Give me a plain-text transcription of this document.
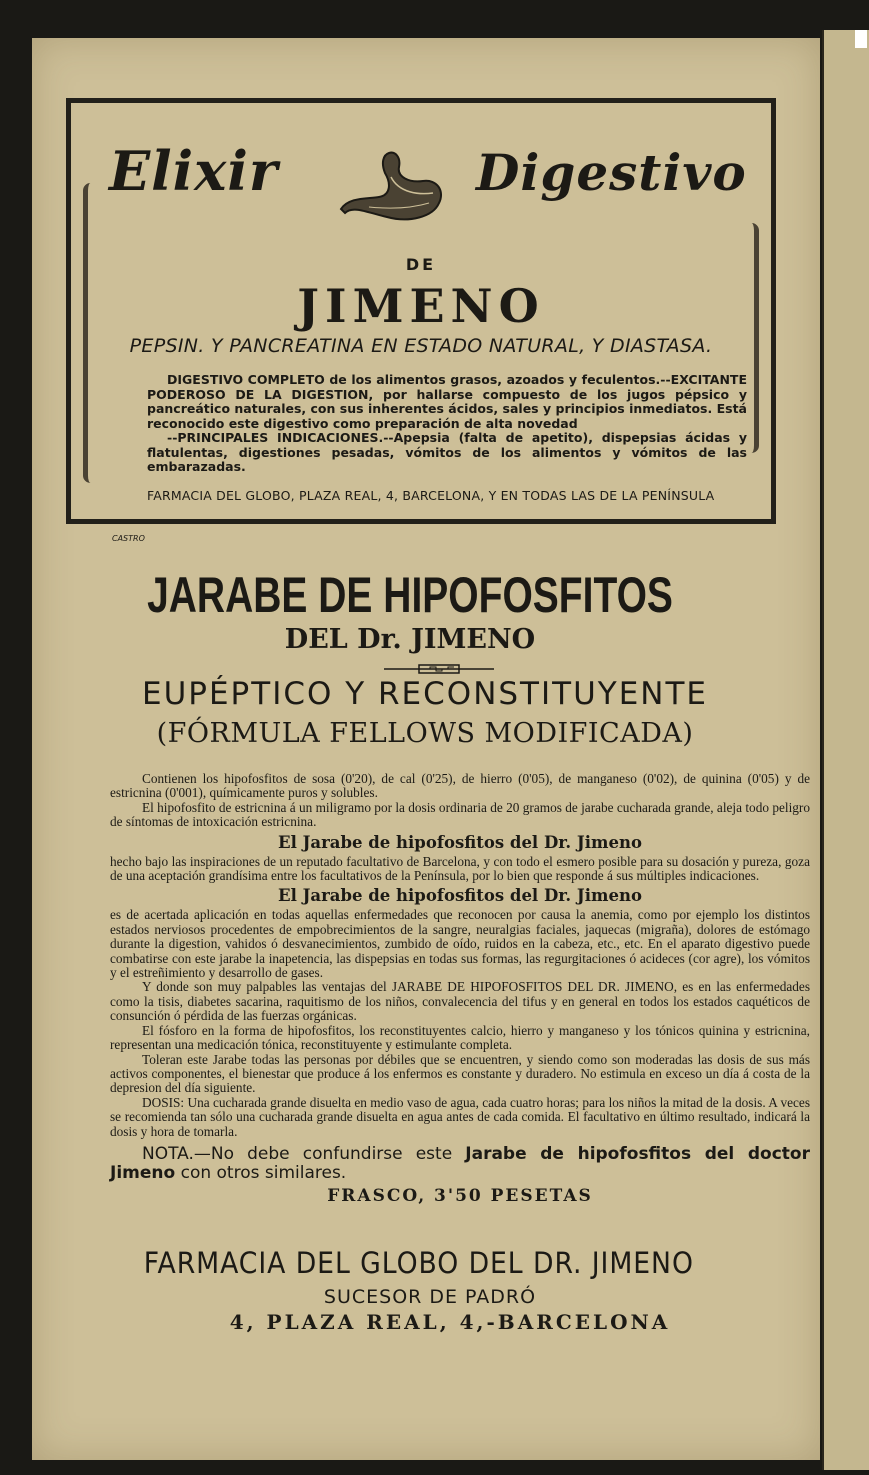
Elixir	Digestivo
DE
JIMENO
PEPSIN. Y PANCREATINA EN ESTADO NATURAL, Y DIASTASA.

DIGESTIVO COMPLETO de los alimentos grasos, azoados y feculentos.--EXCITANTE PODEROSO DE LA DIGESTION, por hallarse compuesto de los jugos pépsico y pancreático naturales, con sus inherentes ácidos, sales y principios inmediatos. Está reconocido este digestivo como preparación de alta novedad

--PRINCIPALES INDICACIONES.--Apepsia (falta de apetito), dispepsias ácidas y flatulentas, digestiones pesadas, vómitos de los alimentos y vómitos de las embarazadas.

FARMACIA DEL GLOBO, PLAZA REAL, 4, BARCELONA, Y EN TODAS LAS DE LA PENÍNSULA
CASTRO
JARABE DE HIPOFOSFITOS
DEL Dr. JIMENO
EUPÉPTICO Y RECONSTITUYENTE
(FÓRMULA FELLOWS MODIFICADA)

Contienen los hipofosfitos de sosa (0'20), de cal (0'25), de hierro (0'05), de manganeso (0'02), de quinina (0'05) y de estricnina (0'001), químicamente puros y solubles.

El hipofosfito de estricnina á un miligramo por la dosis ordinaria de 20 gramos de jarabe cucharada grande, aleja todo peligro de síntomas de intoxicación estricnina.

El Jarabe de hipofosfitos del Dr. Jimeno

hecho bajo las inspiraciones de un reputado facultativo de Barcelona, y con todo el esmero posible para su dosación y pureza, goza de una aceptación grandísima entre los facultativos de la Península, por lo bien que responde á sus múltiples indicaciones.

El Jarabe de hipofosfitos del Dr. Jimeno

es de acertada aplicación en todas aquellas enfermedades que reconocen por causa la anemia, como por ejemplo los distintos estados nerviosos procedentes de empobrecimientos de la sangre, neuralgias faciales, jaquecas (migraña), dolores de estómago durante la digestion, vahidos ó desvanecimientos, zumbido de oído, ruidos en la cabeza, etc., etc. En el aparato digestivo puede combatirse con este jarabe la inapetencia, las dispepsias en todas sus formas, las regurgitaciones ó acideces (cor agre), los vómitos y el estreñimiento y desarrollo de gases.

Y donde son muy palpables las ventajas del JARABE DE HIPOFOSFITOS DEL DR. JIMENO, es en las enfermedades como la tisis, diabetes sacarina, raquitismo de los niños, convalecencia del tifus y en general en todos los estados caquéticos de consunción ó pérdida de las fuerzas orgánicas.

El fósforo en la forma de hipofosfitos, los reconstituyentes calcio, hierro y manganeso y los tónicos quinina y estricnina, representan una medicación tónica, reconstituyente y estimulante completa.

Toleran este Jarabe todas las personas por débiles que se encuentren, y siendo como son moderadas las dosis de sus más activos componentes, el bienestar que produce á los enfermos es constante y duradero. No estimula en exceso un día á costa de la depresion del día siguiente.

DOSIS: Una cucharada grande disuelta en medio vaso de agua, cada cuatro horas; para los niños la mitad de la dosis. A veces se recomienda tan sólo una cucharada grande disuelta en agua antes de cada comida. El facultativo en último resultado, indicará la dosis y hora de tomarla.

NOTA.—No debe confundirse este Jarabe de hipofosfitos del doctor Jimeno con otros similares.

FRASCO, 3'50 PESETAS

FARMACIA DEL GLOBO DEL DR. JIMENO
SUCESOR DE PADRÓ
4, PLAZA REAL, 4,-BARCELONA
